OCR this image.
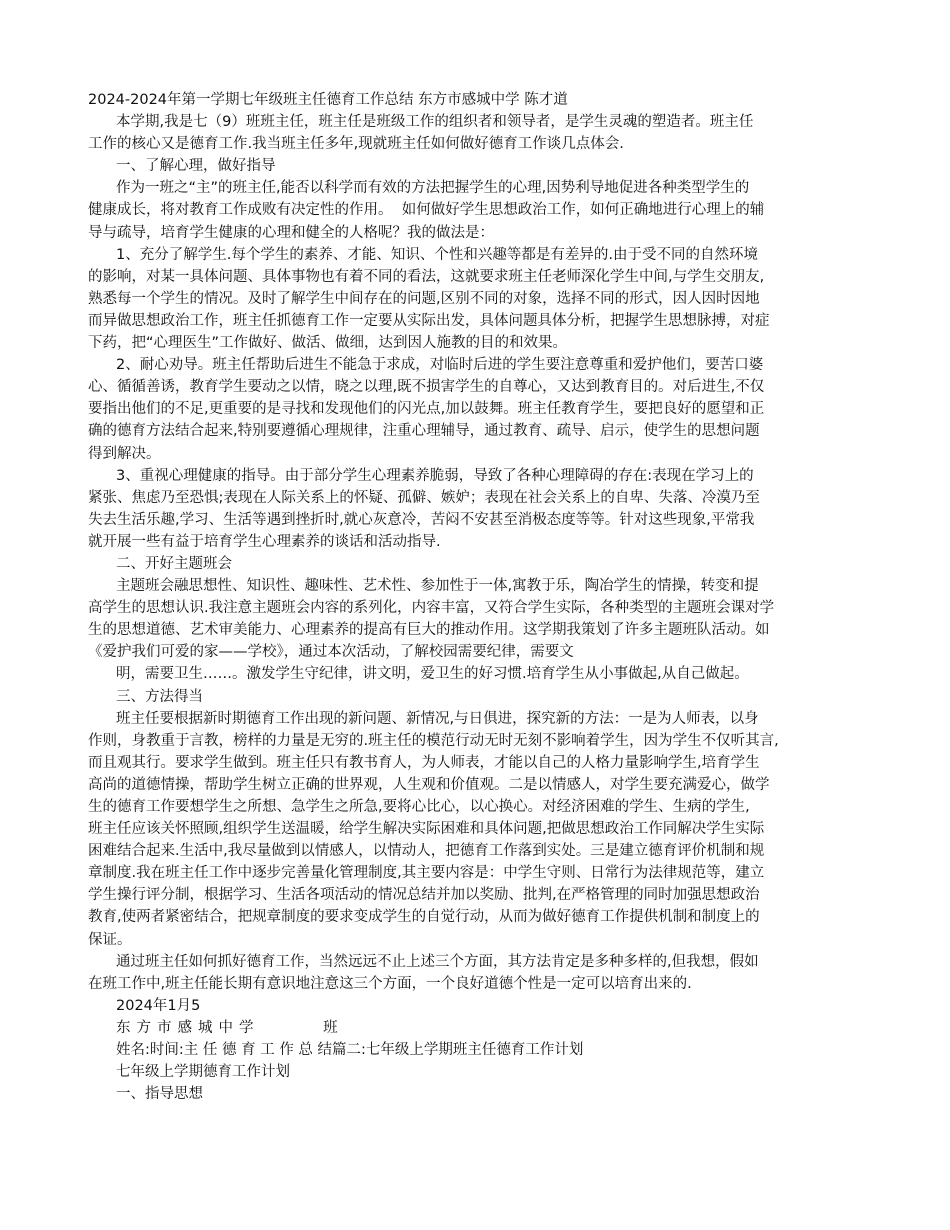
2024-2024年第一学期七年级班主任德育工作总结 东方市感城中学 陈才道
本学期,我是七（9）班班主任，班主任是班级工作的组织者和领导者，是学生灵魂的塑造者。班主任
工作的核心又是德育工作.我当班主任多年,现就班主任如何做好德育工作谈几点体会.
一、了解心理，做好指导
作为一班之“主”的班主任,能否以科学而有效的方法把握学生的心理,因势利导地促进各种类型学生的
健康成长，将对教育工作成败有决定性的作用。  如何做好学生思想政治工作，如何正确地进行心理上的辅
导与疏导，培育学生健康的心理和健全的人格呢？我的做法是：
1、充分了解学生.每个学生的素养、才能、知识、个性和兴趣等都是有差异的.由于受不同的自然环境
的影响，对某一具体问题、具体事物也有着不同的看法，这就要求班主任老师深化学生中间,与学生交朋友,
熟悉每一个学生的情况。及时了解学生中间存在的问题,区别不同的对象，选择不同的形式，因人因时因地
而异做思想政治工作，班主任抓德育工作一定要从实际出发，具体问题具体分析，把握学生思想脉搏，对症
下药，把“心理医生”工作做好、做活、做细，达到因人施教的目的和效果。
2、耐心劝导。班主任帮助后进生不能急于求成，对临时后进的学生要注意尊重和爱护他们，要苦口婆
心、循循善诱，教育学生要动之以情，晓之以理,既不损害学生的自尊心，又达到教育目的。对后进生,不仅
要指出他们的不足,更重要的是寻找和发现他们的闪光点,加以鼓舞。班主任教育学生，要把良好的愿望和正
确的德育方法结合起来,特别要遵循心理规律，注重心理辅导，通过教育、疏导、启示，使学生的思想问题
得到解决。
3、重视心理健康的指导。由于部分学生心理素养脆弱，导致了各种心理障碍的存在:表现在学习上的
紧张、焦虑乃至恐惧;表现在人际关系上的怀疑、孤僻、嫉妒；表现在社会关系上的自卑、失落、冷漠乃至
失去生活乐趣,学习、生活等遇到挫折时,就心灰意冷，苦闷不安甚至消极态度等等。针对这些现象,平常我
就开展一些有益于培育学生心理素养的谈话和活动指导.
二、开好主题班会
主题班会融思想性、知识性、趣味性、艺术性、参加性于一体,寓教于乐，陶冶学生的情操，转变和提
高学生的思想认识.我注意主题班会内容的系列化，内容丰富，又符合学生实际，各种类型的主题班会课对学
生的思想道德、艺术审美能力、心理素养的提高有巨大的推动作用。这学期我策划了许多主题班队活动。如
《爱护我们可爱的家——学校》，通过本次活动，了解校园需要纪律，需要文
明，需要卫生……。激发学生守纪律，讲文明，爱卫生的好习惯.培育学生从小事做起,从自己做起。
三、方法得当
班主任要根据新时期德育工作出现的新问题、新情况,与日俱进，探究新的方法：一是为人师表，以身
作则，身教重于言教，榜样的力量是无穷的.班主任的模范行动无时无刻不影响着学生，因为学生不仅听其言,
而且观其行。要求学生做到。班主任只有教书育人，为人师表，才能以自己的人格力量影响学生,培育学生
高尚的道德情操，帮助学生树立正确的世界观，人生观和价值观。二是以情感人，对学生要充满爱心，做学
生的德育工作要想学生之所想、急学生之所急,要将心比心，以心换心。对经济困难的学生、生病的学生,
班主任应该关怀照顾,组织学生送温暖，给学生解决实际困难和具体问题,把做思想政治工作同解决学生实际
困难结合起来.生活中,我尽量做到以情感人，以情动人，把德育工作落到实处。三是建立德育评价机制和规
章制度.我在班主任工作中逐步完善量化管理制度,其主要内容是：中学生守则、日常行为法律规范等，建立
学生操行评分制，根据学习、生活各项活动的情况总结并加以奖励、批判,在严格管理的同时加强思想政治
教育,使两者紧密结合，把规章制度的要求变成学生的自觉行动，从而为做好德育工作提供机制和制度上的
保证。
通过班主任如何抓好德育工作，当然远远不止上述三个方面，其方法肯定是多种多样的,但我想，假如
在班工作中,班主任能长期有意识地注意这三个方面，一个良好道德个性是一定可以培育出来的.
2024年1月5
东方市感城中学      班
姓名:时间:主 任 德 育 工 作 总 结篇二:七年级上学期班主任德育工作计划
七年级上学期德育工作计划
一、指导思想
